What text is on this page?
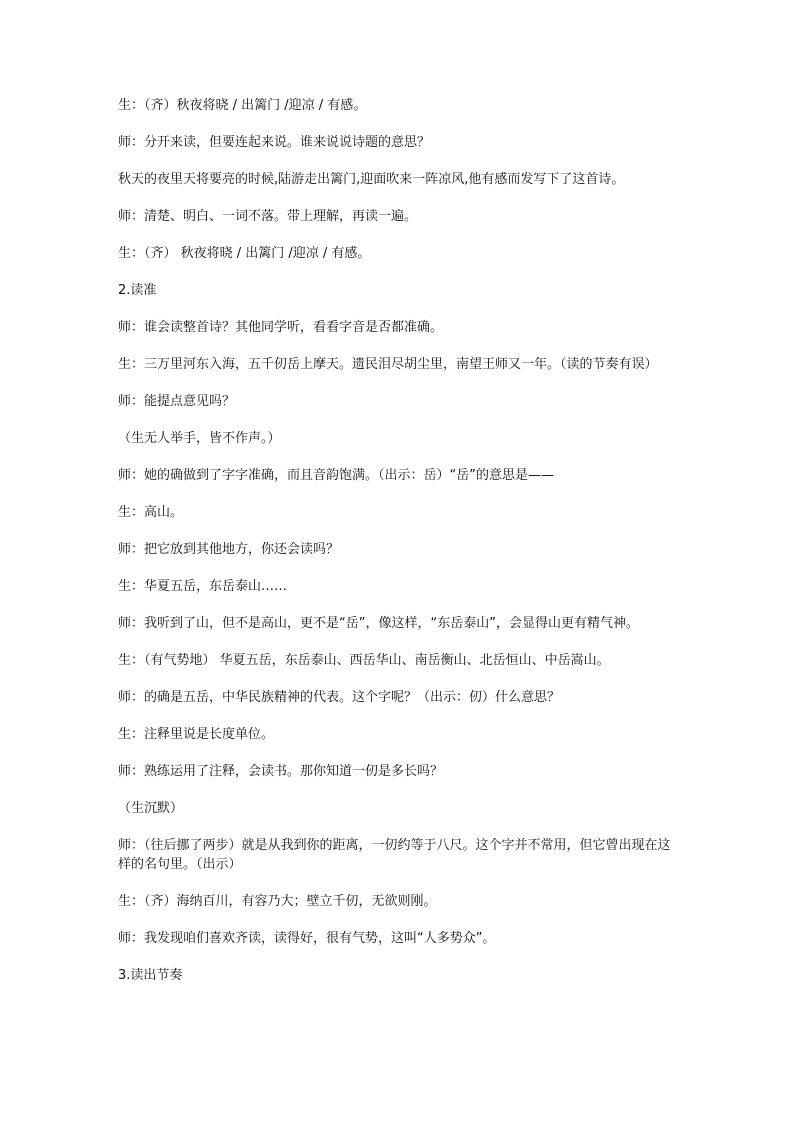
生：（齐）秋夜将晓 / 出篱门 /迎凉 / 有感。

师：分开来读，但要连起来说。谁来说说诗题的意思？

秋天的夜里天将要亮的时候,陆游走出篱门,迎面吹来一阵凉风,他有感而发写下了这首诗。

师：清楚、明白、一词不落。带上理解，再读一遍。

生：（齐） 秋夜将晓 / 出篱门 /迎凉 / 有感。

2.读准

师：谁会读整首诗？其他同学听，看看字音是否都准确。

生：三万里河东入海，五千仞岳上摩天。遗民泪尽胡尘里，南望王师又一年。（读的节奏有误）

师：能提点意见吗？

（生无人举手，皆不作声。）

师：她的确做到了字字准确，而且音韵饱满。（出示：岳）“岳”的意思是——

生：高山。

师：把它放到其他地方，你还会读吗？

生：华夏五岳，东岳泰山……

师：我听到了山，但不是高山，更不是“岳”，像这样，“东岳泰山”，会显得山更有精气神。

生：（有气势地） 华夏五岳，东岳泰山、西岳华山、南岳衡山、北岳恒山、中岳嵩山。

师：的确是五岳，中华民族精神的代表。这个字呢？（出示：仞）什么意思？

生：注释里说是长度单位。

师：熟练运用了注释，会读书。那你知道一仞是多长吗？

（生沉默）

师：（往后挪了两步）就是从我到你的距离，一仞约等于八尺。这个字并不常用，但它曾出现在这样的名句里。（出示）

生：（齐）海纳百川，有容乃大；壁立千仞，无欲则刚。

师：我发现咱们喜欢齐读，读得好，很有气势，这叫“人多势众”。

3.读出节奏
